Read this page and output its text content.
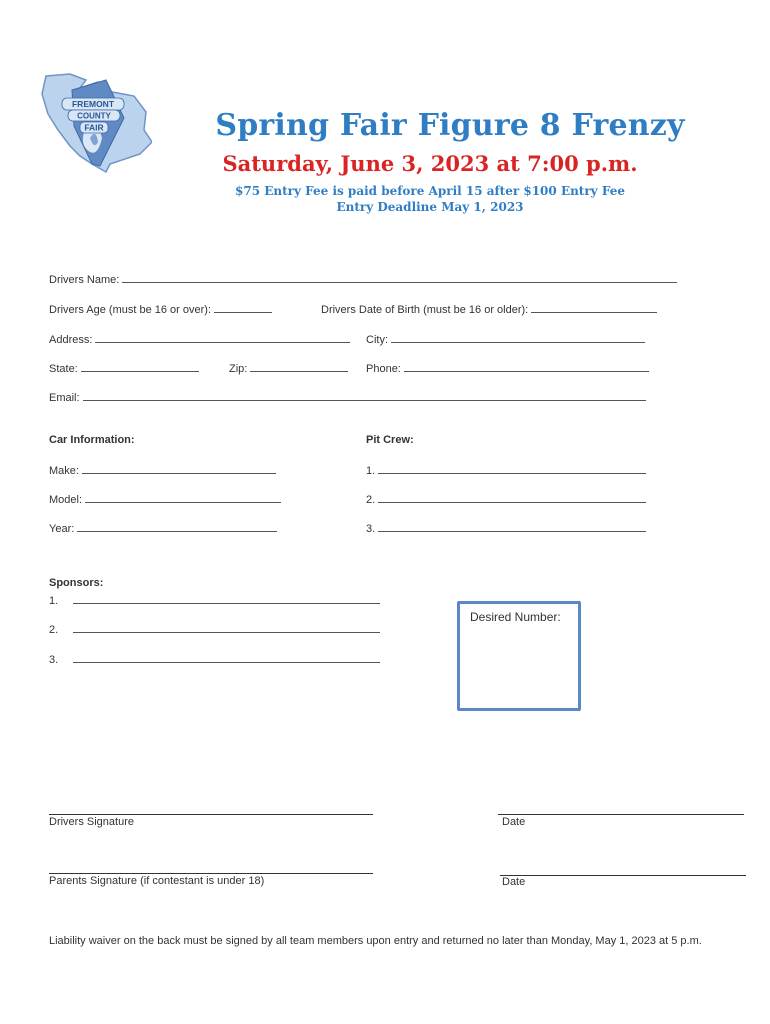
FREMONT
COUNTY
FAIR	Spring Fair Figure 8 Frenzy
Saturday, June 3, 2023 at 7:00 p.m.
$75 Entry Fee is paid before April 15 after $100 Entry Fee
Entry Deadline May 1, 2023
Drivers Name:
Drivers Age (must be 16 or over):	Drivers Date of Birth (must be 16 or older):
Address:	City:
State:	Zip:	Phone:
Email:
Car Information:
Make:
Model:
Year:
Pit Crew:
1.
2.
3.
Sponsors:
1.
2.
3.
Desired Number:
Drivers Signature	Date
Parents Signature (if contestant is under 18)	Date
Liability waiver on the back must be signed by all team members upon entry and returned no later than Monday, May 1, 2023 at 5 p.m.
